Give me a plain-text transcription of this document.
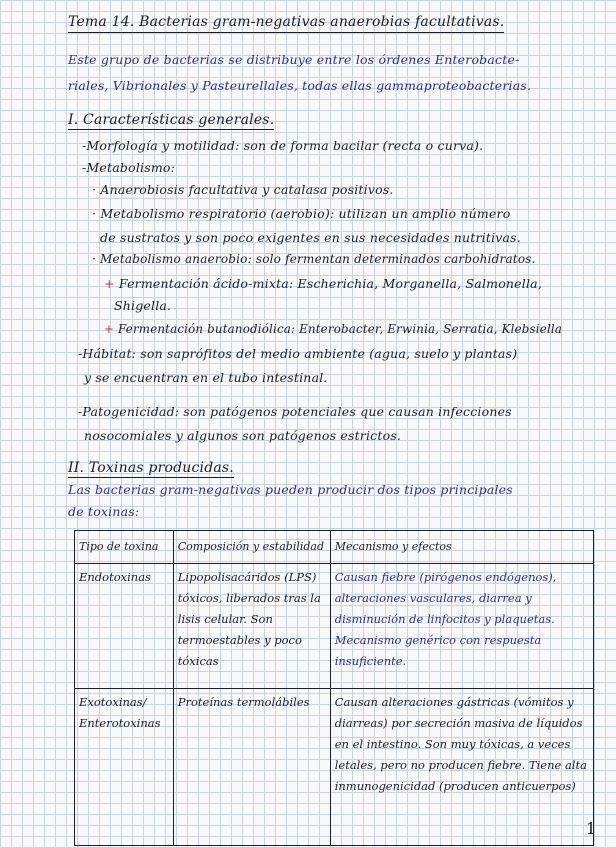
Tema 14. Bacterias gram-negativas anaerobias facultativas.
Este grupo de bacterias se distribuye entre los órdenes Enterobacte-
riales, Vibrionales y Pasteurellales, todas ellas gammaproteobacterias.
I. Características generales.
-Morfología y motilidad: son de forma bacilar (recta o curva).
-Metabolismo:
· Anaerobiosis facultativa y catalasa positivos.
· Metabolismo respiratorio (aerobio): utilizan un amplio número
de sustratos y son poco exigentes en sus necesidades nutritivas.
· Metabolismo anaerobio: solo fermentan determinados carbohidratos.
+ Fermentación ácido-mixta: Escherichia, Morganella, Salmonella,
Shigella.
+ Fermentación butanodiólica: Enterobacter, Erwinia, Serratia, Klebsiella
-Hábitat: son saprófitos del medio ambiente (agua, suelo y plantas)
y se encuentran en el tubo intestinal.
-Patogenicidad: son patógenos potenciales que causan infecciones
nosocomiales y algunos son patógenos estrictos.
II. Toxinas producidas.
Las bacterias gram-negativas pueden producir dos tipos principales
de toxinas:
Tipo de toxina	Composición y estabilidad	Mecanismo y efectos
Endotoxinas	Lipopolisacáridos (LPS) tóxicos, liberados tras la lisis celular. Son termoestables y poco tóxicas	Causan fiebre (pirógenos endógenos), alteraciones vasculares, diarrea y disminución de linfocitos y plaquetas. Mecanismo genérico con respuesta insuficiente.
Exotoxinas/ Enterotoxinas	Proteínas termolábiles	Causan alteraciones gástricas (vómitos y diarreas) por secreción masiva de líquidos en el intestino. Son muy tóxicas, a veces letales, pero no producen fiebre. Tiene alta inmunogenicidad (producen anticuerpos)
1
